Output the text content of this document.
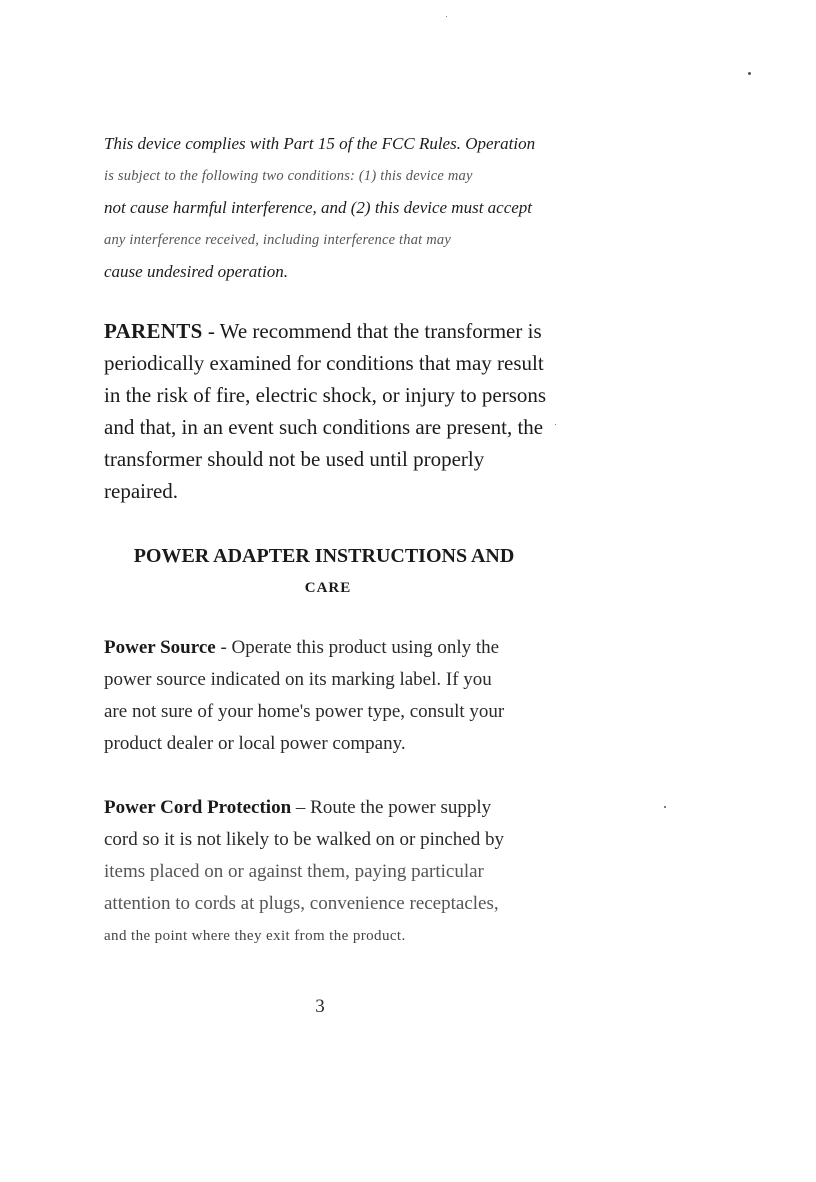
This device complies with Part 15 of the FCC Rules. Operation
is subject to the following two conditions: (1) this device may
not cause harmful interference, and (2) this device must accept
any interference received, including interference that may
cause undesired operation.
PARENTS - We recommend that the transformer is
periodically examined for conditions that may result
in the risk of fire, electric shock, or injury to persons
and that, in an event such conditions are present, the
transformer should not be used until properly
repaired.
POWER ADAPTER INSTRUCTIONS AND
CARE
Power Source - Operate this product using only the
power source indicated on its marking label. If you
are not sure of your home's power type, consult your
product dealer or local power company.
Power Cord Protection – Route the power supply
cord so it is not likely to be walked on or pinched by
items placed on or against them, paying particular
attention to cords at plugs, convenience receptacles,
and the point where they exit from the product.
3
